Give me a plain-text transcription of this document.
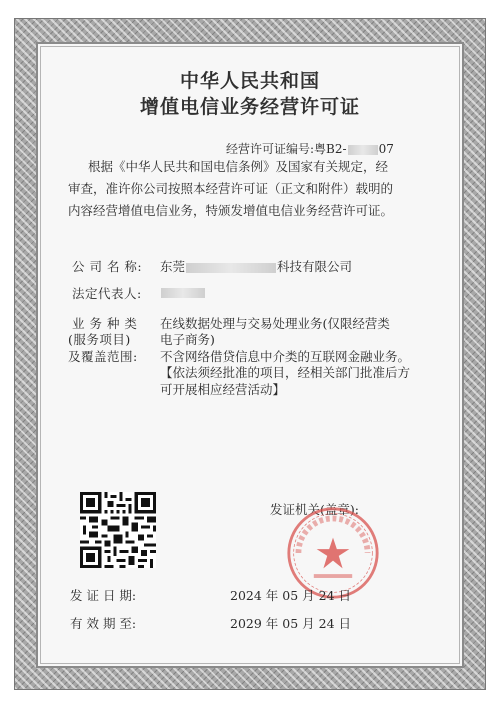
中华人民共和国
增值电信业务经营许可证
经营许可证编号:粤B2-	07
根据《中华人民共和国电信条例》及国家有关规定，经
审查，准许你公司按照本经营许可证（正文和附件）载明的
内容经营增值电信业务，特颁发增值电信业务经营许可证。
公 司 名 称: 东莞	科技有限公司
法定代表人:
业 务 种 类
(服务项目)
及覆盖范围:
在线数据处理与交易处理业务(仅限经营类
电子商务)
不含网络借贷信息中介类的互联网金融业务。
【依法须经批准的项目，经相关部门批准后方
可开展相应经营活动】
发证机关(盖章):
发 证 日 期:	2024 年 05 月 24 日
有 效 期 至:	2029 年 05 月 24 日
